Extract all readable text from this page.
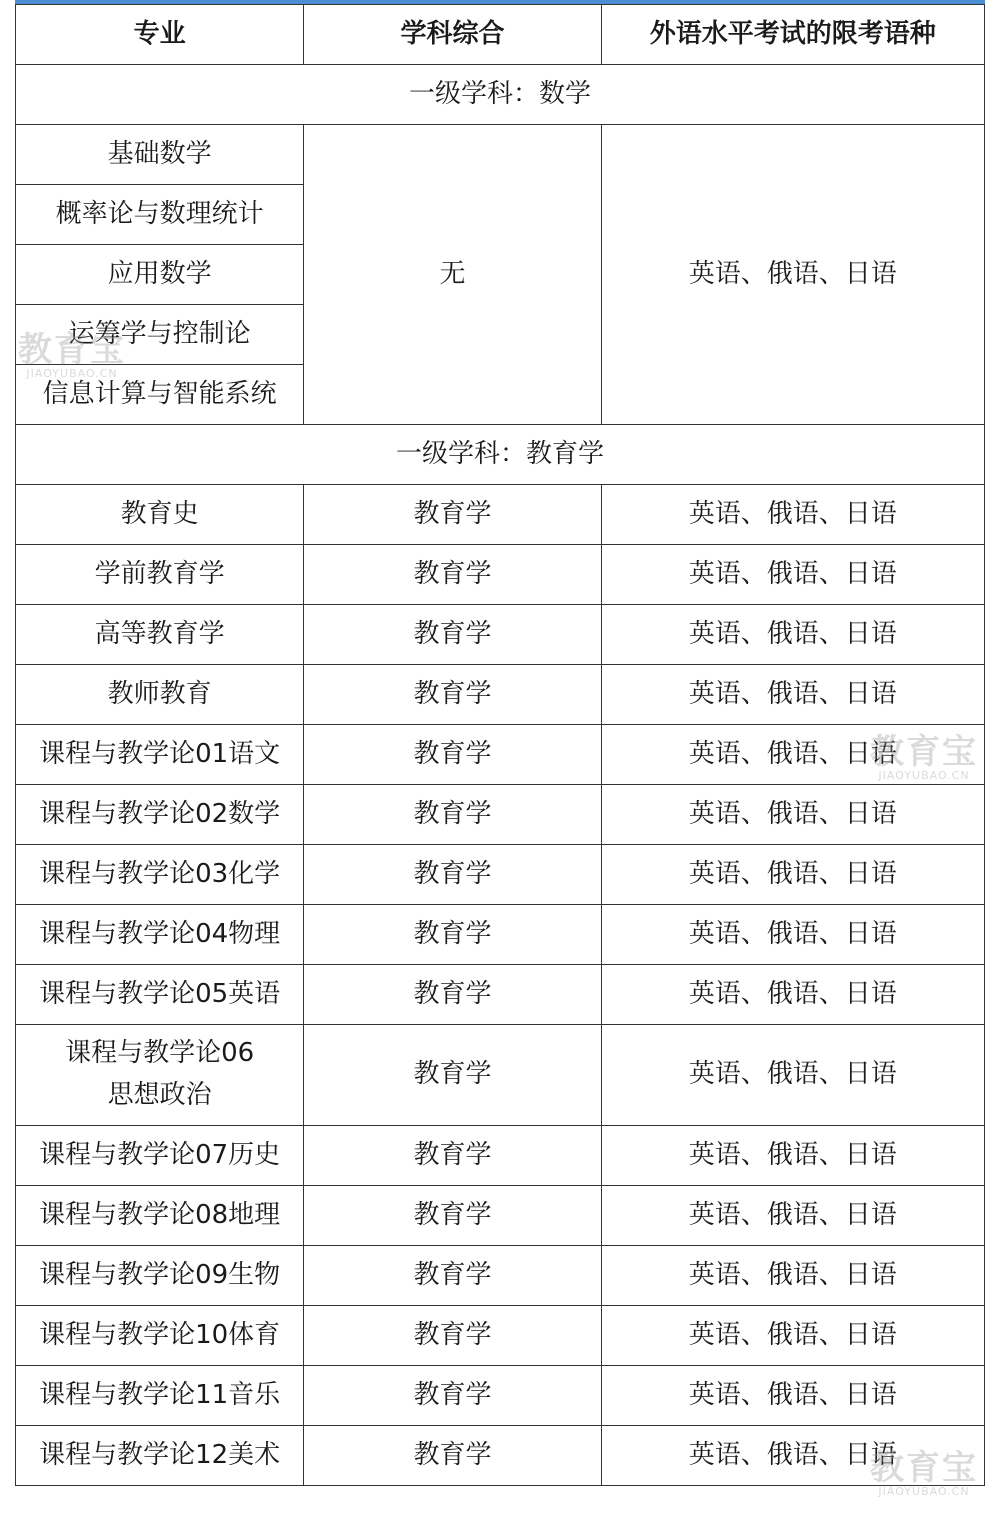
专业	学科综合	外语水平考试的限考语种
一级学科：数学		
基础数学	无	英语、俄语、日语
概率论与数理统计		
应用数学		
运筹学与控制论		
信息计算与智能系统		
一级学科：教育学		
教育史	教育学	英语、俄语、日语
学前教育学	教育学	英语、俄语、日语
高等教育学	教育学	英语、俄语、日语
教师教育	教育学	英语、俄语、日语
课程与教学论01语文	教育学	英语、俄语、日语
课程与教学论02数学	教育学	英语、俄语、日语
课程与教学论03化学	教育学	英语、俄语、日语
课程与教学论04物理	教育学	英语、俄语、日语
课程与教学论05英语	教育学	英语、俄语、日语

课程与教学论06
思想政治	教育学	英语、俄语、日语
课程与教学论07历史	教育学	英语、俄语、日语
课程与教学论08地理	教育学	英语、俄语、日语
课程与教学论09生物	教育学	英语、俄语、日语
课程与教学论10体育	教育学	英语、俄语、日语
课程与教学论11音乐	教育学	英语、俄语、日语
课程与教学论12美术	教育学	英语、俄语、日语
教育宝
JIAOYUBAO.CN
教育宝
JIAOYUBAO.CN
教育宝
JIAOYUBAO.CN
